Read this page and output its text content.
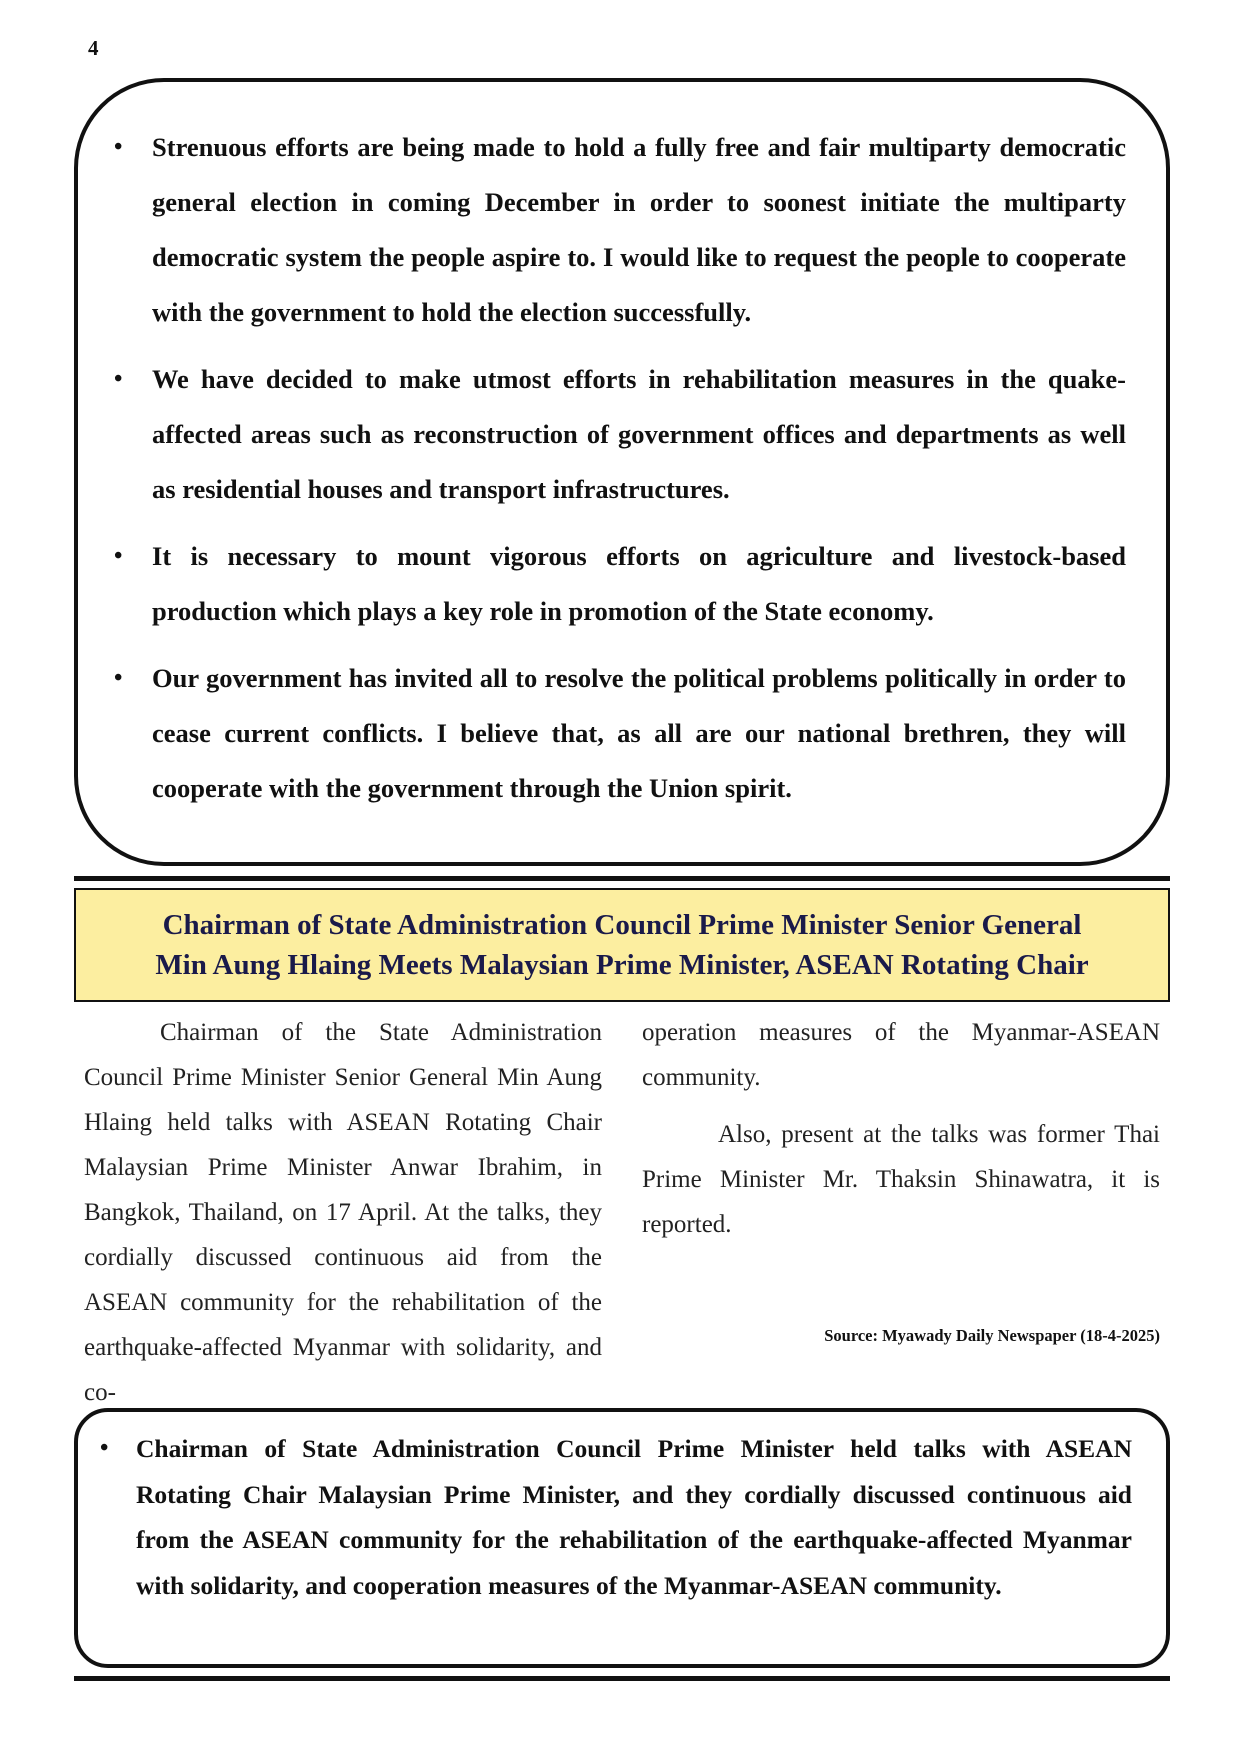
4
• Strenuous efforts are being made to hold a fully free and fair multiparty democratic general election in coming December in order to soonest initiate the multiparty democratic system the people aspire to. I would like to request the people to cooperate with the government to hold the election successfully.
• We have decided to make utmost efforts in rehabilitation measures in the quake-affected areas such as reconstruction of government offices and departments as well as residential houses and transport infrastructures.
• It is necessary to mount vigorous efforts on agriculture and livestock-based production which plays a key role in promotion of the State economy.
• Our government has invited all to resolve the political problems politically in order to cease current conflicts. I believe that, as all are our national brethren, they will cooperate with the government through the Union spirit.
Chairman of State Administration Council Prime Minister Senior General
Min Aung Hlaing Meets Malaysian Prime Minister, ASEAN Rotating Chair

Chairman of the State Administration Council Prime Minister Senior General Min Aung Hlaing held talks with ASEAN Rotating Chair Malaysian Prime Minister Anwar Ibrahim, in Bangkok, Thailand, on 17 April. At the talks, they cordially discussed continuous aid from the ASEAN community for the rehabilitation of the earthquake-affected Myanmar with solidarity, and co-

operation measures of the Myanmar-ASEAN community.

Also, present at the talks was former Thai Prime Minister Mr. Thaksin Shinawatra, it is reported.

Source: Myawady Daily Newspaper (18-4-2025)
• Chairman of State Administration Council Prime Minister held talks with ASEAN Rotating Chair Malaysian Prime Minister, and they cordially discussed continuous aid from the ASEAN community for the rehabilitation of the earthquake-affected Myanmar with solidarity, and cooperation measures of the Myanmar-ASEAN community.
